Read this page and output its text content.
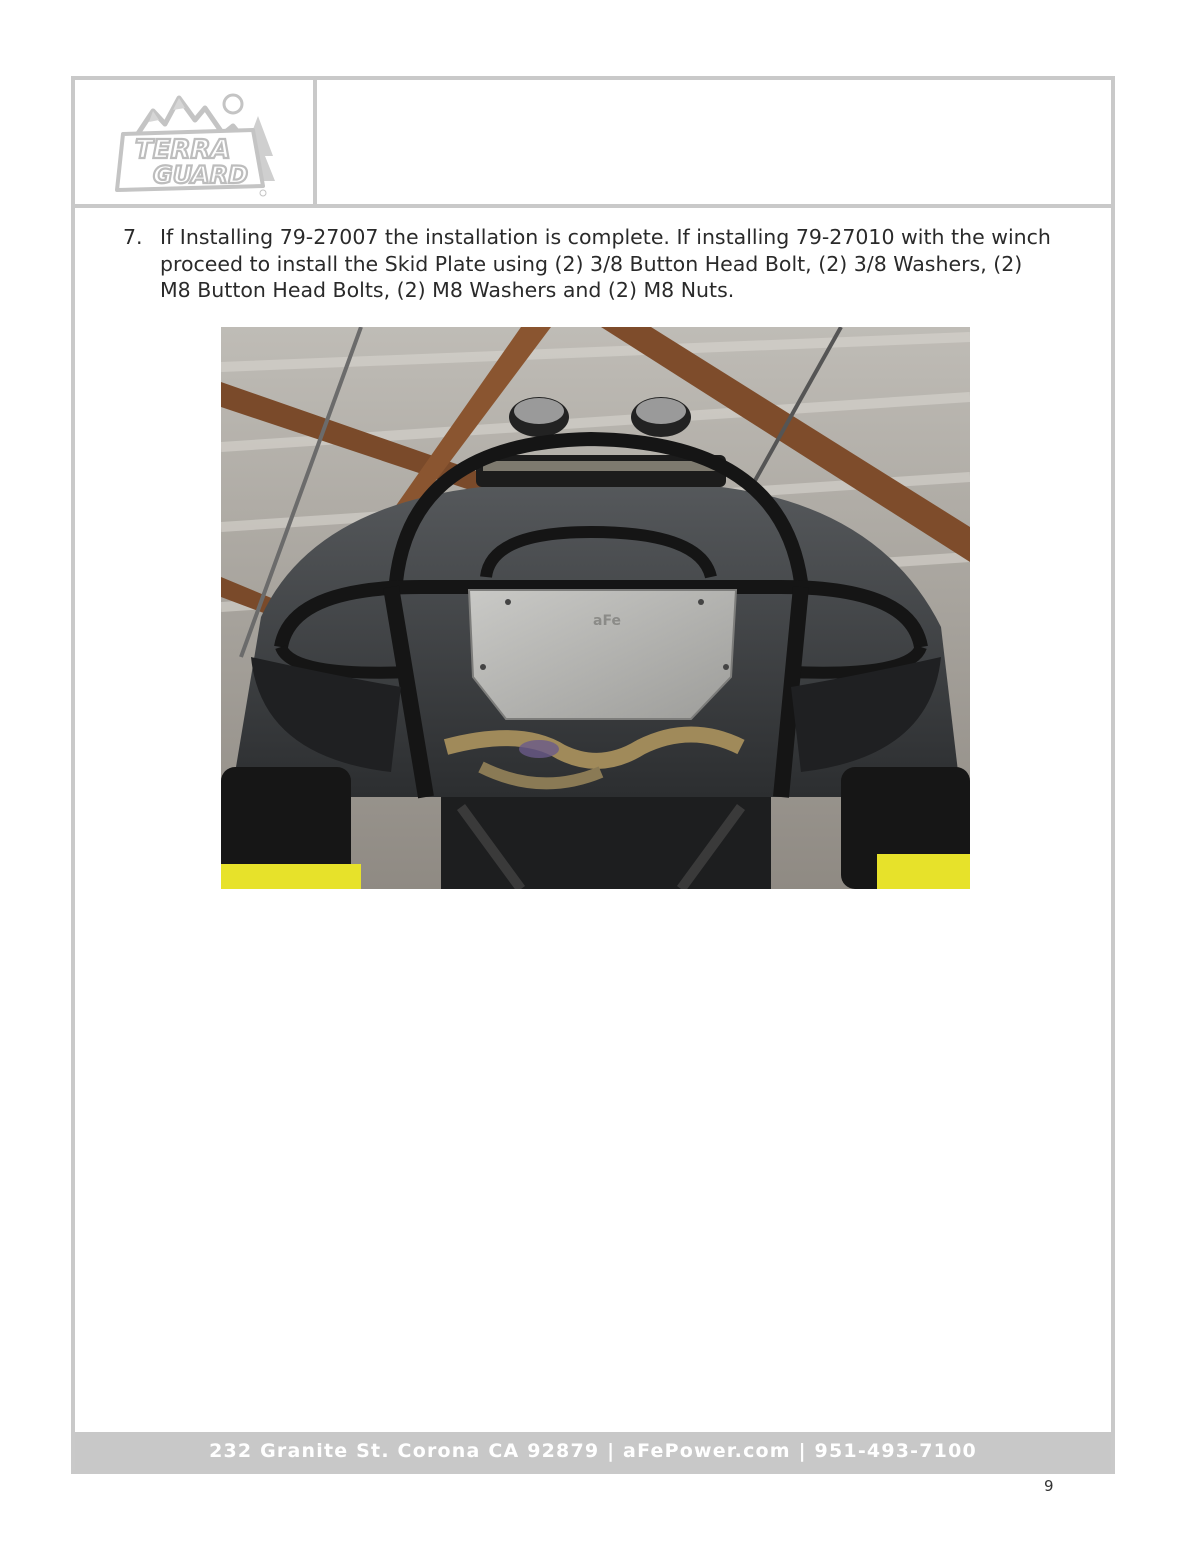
TERRA
GUARD
7. If Installing 79-27007 the installation is complete. If installing 79-27010 with the winch proceed to install the Skid Plate using (2) 3/8 Button Head Bolt, (2) 3/8 Washers, (2) M8 Button Head Bolts, (2) M8 Washers and (2) M8 Nuts.
aFe
232 Granite St. Corona CA 92879 | aFePower.com | 951-493-7100
9
